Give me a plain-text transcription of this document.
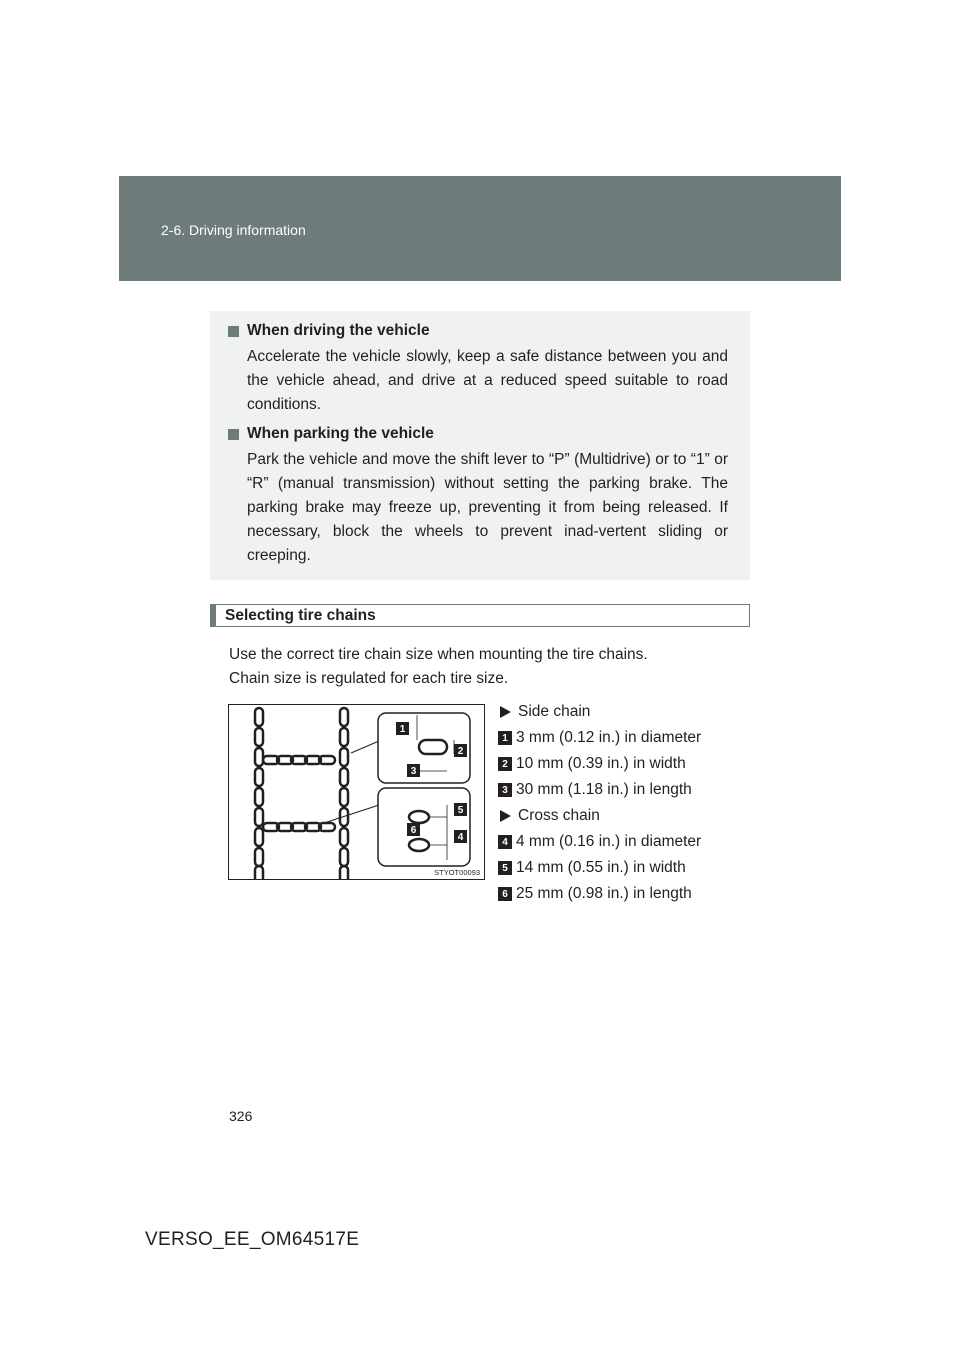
2-6. Driving information
When driving the vehicle
Accelerate the vehicle slowly, keep a safe distance between you and the vehicle ahead, and drive at a reduced speed suitable to road conditions.
When parking the vehicle
Park the vehicle and move the shift lever to “P” (Multidrive) or to “1” or “R” (manual transmission) without setting the parking brake. The parking brake may freeze up, preventing it from being released. If necessary, block the wheels to prevent inad-vertent sliding or creeping.
Selecting tire chains
Use the correct tire chain size when mounting the tire chains.
Chain size is regulated for each tire size.
1
2
3
5
6
4
STYOT00093
Side chain
1 3 mm (0.12 in.) in diameter
2 10 mm (0.39 in.) in width
3 30 mm (1.18 in.) in length
Cross chain
4 4 mm (0.16 in.) in diameter
5 14 mm (0.55 in.) in width
6 25 mm (0.98 in.) in length
326
VERSO_EE_OM64517E
